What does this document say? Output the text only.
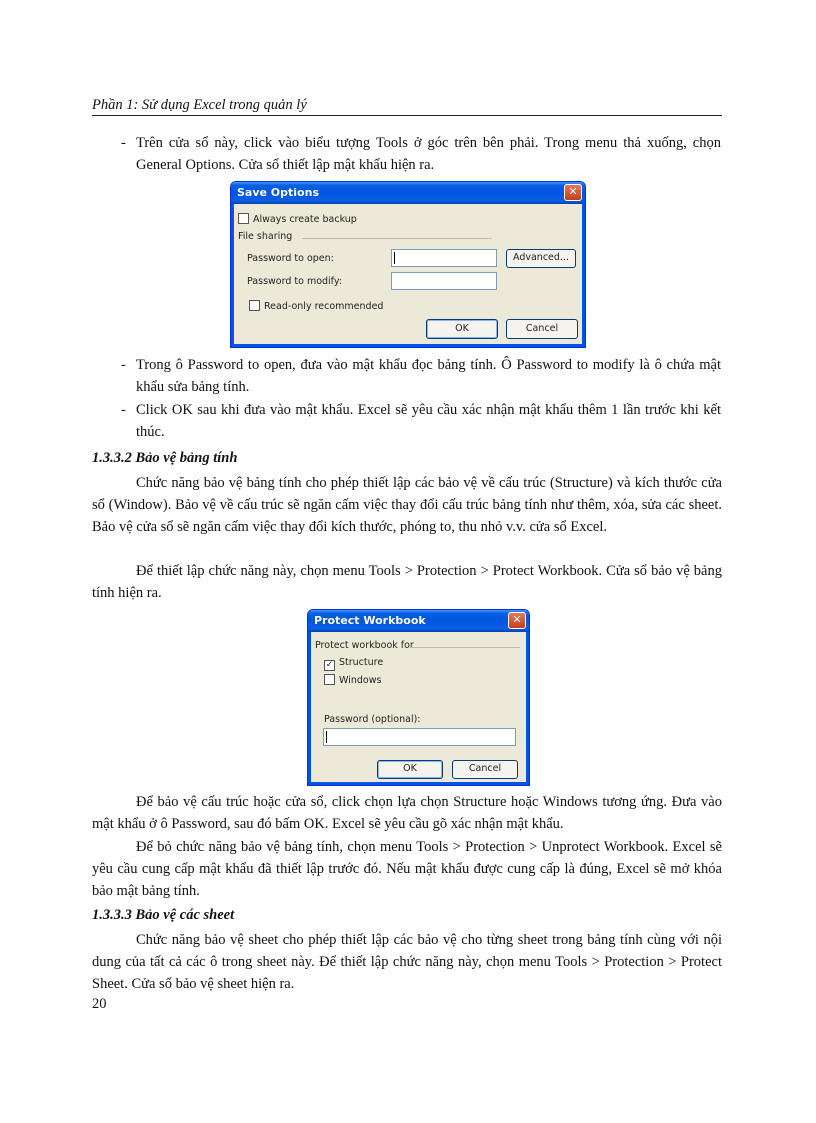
Phần 1: Sử dụng Excel trong quản lý
- Trên cửa sổ này, click vào biểu tượng Tools ở góc trên bên phải. Trong menu thả xuống, chọn General Options. Cửa sổ thiết lập mật khẩu hiện ra.
Save Options	✕
Always create backup
File sharing
Password to open:	Advanced...
Password to modify:
Read-only recommended
OK	Cancel
- Trong ô Password to open, đưa vào mật khẩu đọc bảng tính. Ô Password to modify là ô chứa mật khẩu sửa bảng tính.
- Click OK sau khi đưa vào mật khẩu. Excel sẽ yêu cầu xác nhận mật khẩu thêm 1 lần trước khi kết thúc.
1.3.3.2 Bảo vệ bảng tính
Chức năng bảo vệ bảng tính cho phép thiết lập các bảo vệ về cấu trúc (Structure) và kích thước cửa sổ (Window). Bảo vệ về cấu trúc sẽ ngăn cấm việc thay đổi cấu trúc bảng tính như thêm, xóa, sửa các sheet. Bảo vệ cửa sổ sẽ ngăn cấm việc thay đổi kích thước, phóng to, thu nhỏ v.v. cửa sổ Excel.
Để thiết lập chức năng này, chọn menu Tools > Protection > Protect Workbook. Cửa sổ bảo vệ bảng tính hiện ra.
Protect Workbook	✕
Protect workbook for
✓ Structure
Windows
Password (optional):
OK	Cancel
Để bảo vệ cấu trúc hoặc cửa sổ, click chọn lựa chọn Structure hoặc Windows tương ứng. Đưa vào mật khẩu ở ô Password, sau đó bấm OK. Excel sẽ yêu cầu gõ xác nhận mật khẩu.
Để bỏ chức năng bảo vệ bảng tính, chọn menu Tools > Protection > Unprotect Workbook. Excel sẽ yêu cầu cung cấp mật khẩu đã thiết lập trước đó. Nếu mật khẩu được cung cấp là đúng, Excel sẽ mở khóa bảo mật bảng tính.
1.3.3.3 Bảo vệ các sheet
Chức năng bảo vệ sheet cho phép thiết lập các bảo vệ cho từng sheet trong bảng tính cùng với nội dung của tất cả các ô trong sheet này. Để thiết lập chức năng này, chọn menu Tools > Protection > Protect Sheet. Cửa sổ bảo vệ sheet hiện ra.
20
